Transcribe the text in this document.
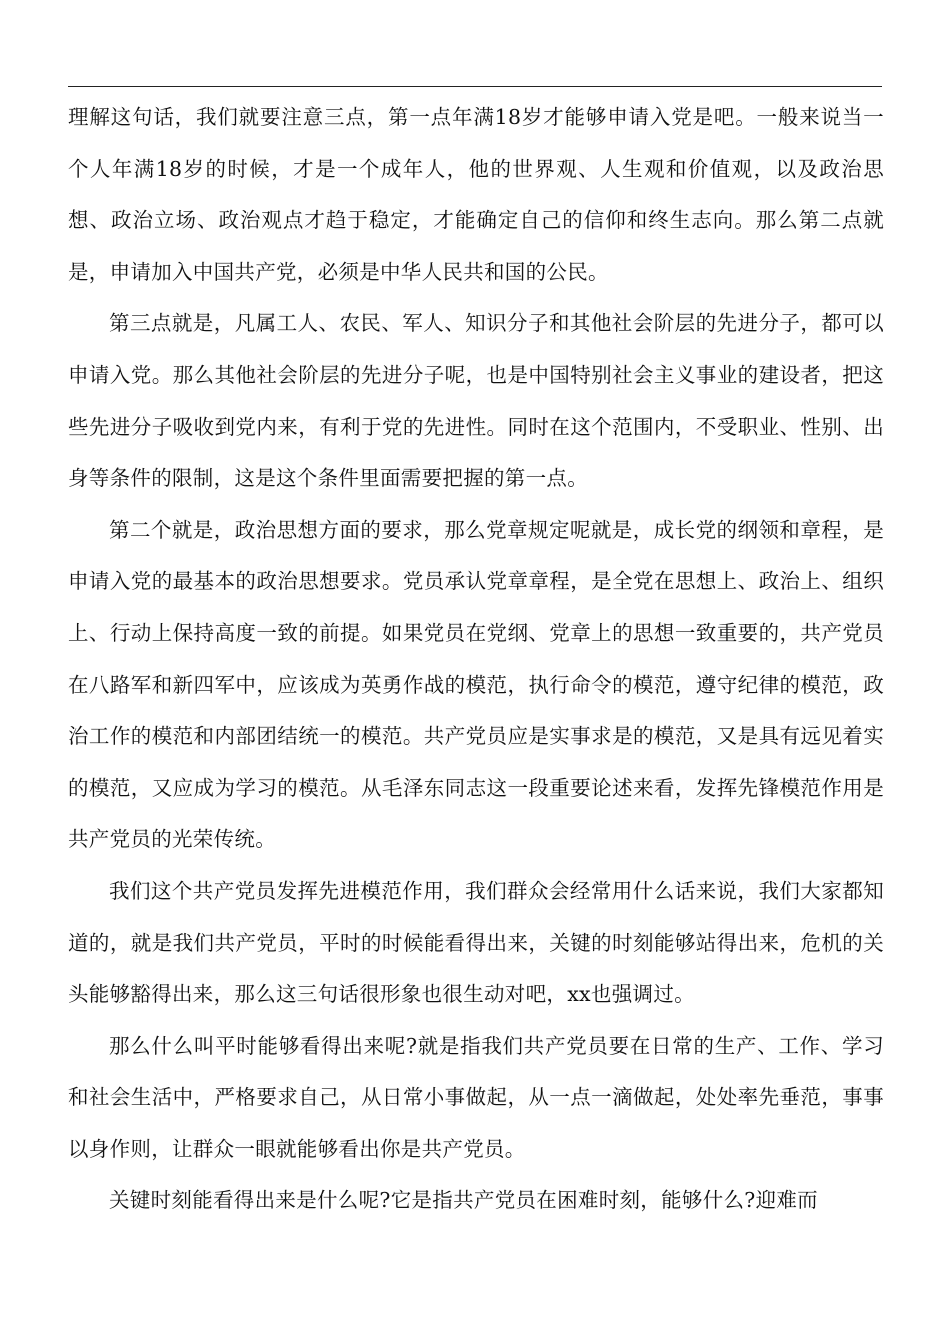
理解这句话，我们就要注意三点，第一点年满18岁才能够申请入党是吧。一般来说当一个人年满18岁的时候，才是一个成年人，他的世界观、人生观和价值观，以及政治思想、政治立场、政治观点才趋于稳定，才能确定自己的信仰和终生志向。那么第二点就是，申请加入中国共产党，必须是中华人民共和国的公民。

第三点就是，凡属工人、农民、军人、知识分子和其他社会阶层的先进分子，都可以申请入党。那么其他社会阶层的先进分子呢，也是中国特别社会主义事业的建设者，把这些先进分子吸收到党内来，有利于党的先进性。同时在这个范围内，不受职业、性别、出身等条件的限制，这是这个条件里面需要把握的第一点。

第二个就是，政治思想方面的要求，那么党章规定呢就是，成长党的纲领和章程，是申请入党的最基本的政治思想要求。党员承认党章章程，是全党在思想上、政治上、组织上、行动上保持高度一致的前提。如果党员在党纲、党章上的思想一致重要的，共产党员在八路军和新四军中，应该成为英勇作战的模范，执行命令的模范，遵守纪律的模范，政治工作的模范和内部团结统一的模范。共产党员应是实事求是的模范，又是具有远见着实的模范，又应成为学习的模范。从毛泽东同志这一段重要论述来看，发挥先锋模范作用是共产党员的光荣传统。

我们这个共产党员发挥先进模范作用，我们群众会经常用什么话来说，我们大家都知道的，就是我们共产党员，平时的时候能看得出来，关键的时刻能够站得出来，危机的关头能够豁得出来，那么这三句话很形象也很生动对吧，xx也强调过。

那么什么叫平时能够看得出来呢?就是指我们共产党员要在日常的生产、工作、学习和社会生活中，严格要求自己，从日常小事做起，从一点一滴做起，处处率先垂范，事事以身作则，让群众一眼就能够看出你是共产党员。

关键时刻能看得出来是什么呢?它是指共产党员在困难时刻，能够什么?迎难而
